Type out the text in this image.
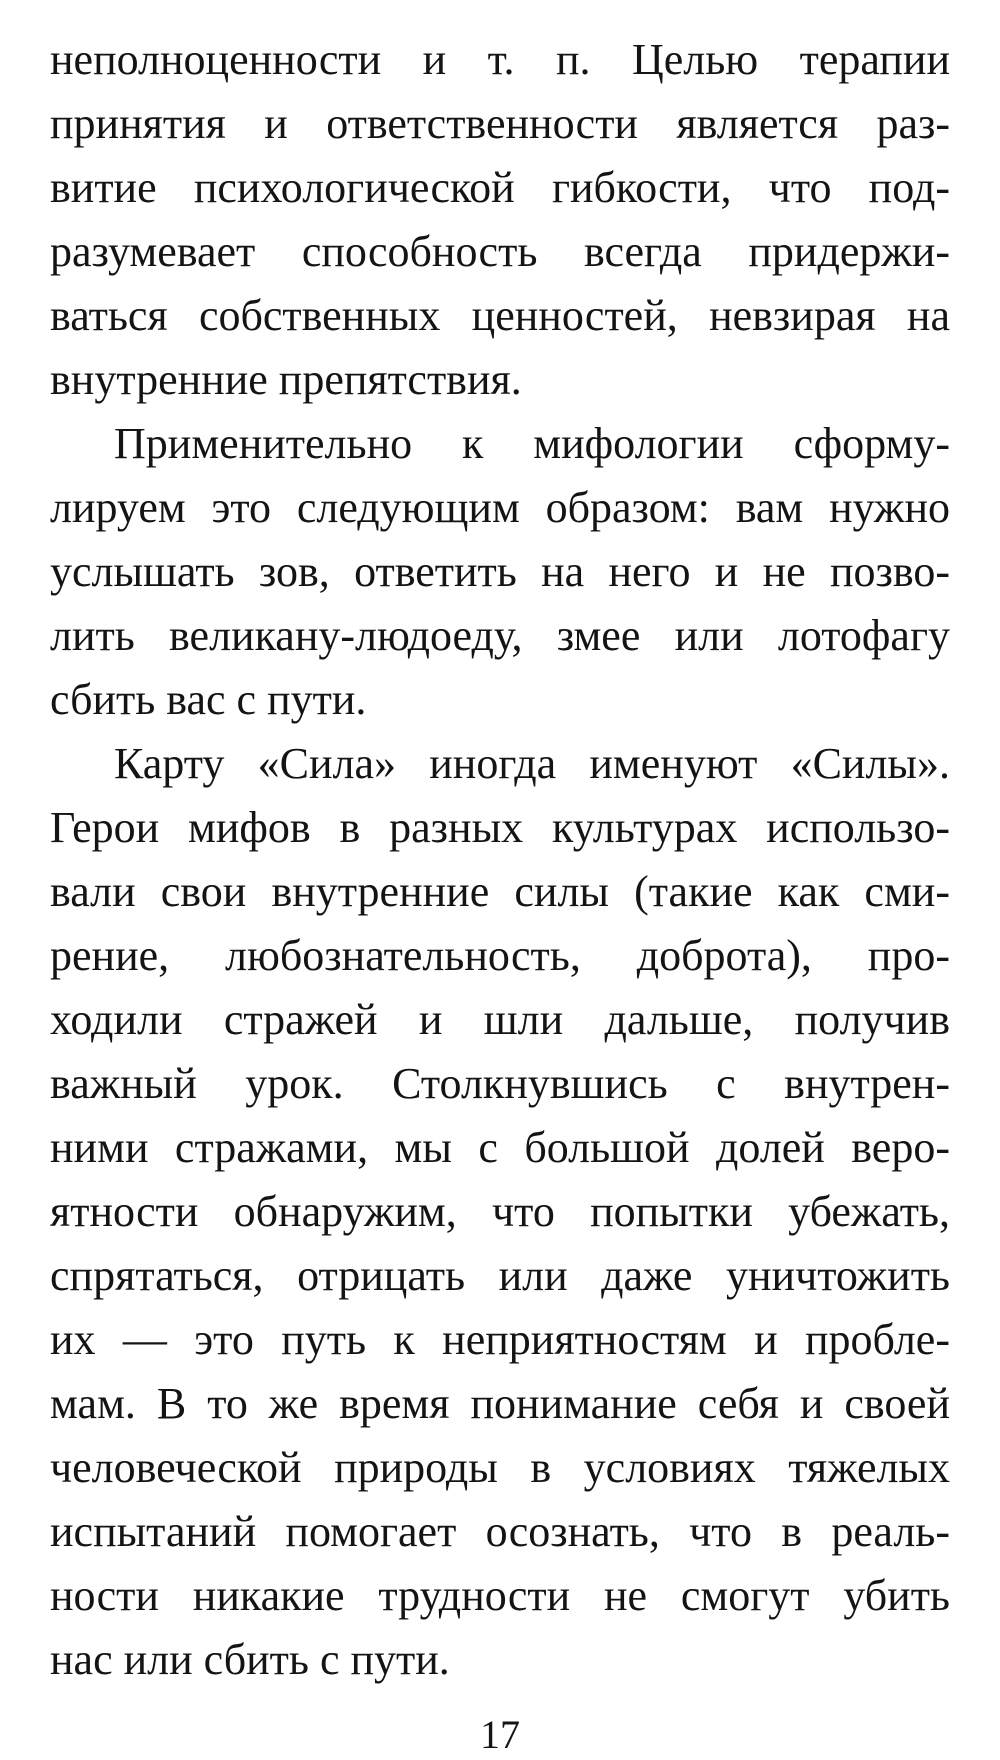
неполноценности и т. п. Целью терапии
принятия и ответственности является раз-
витие психологической гибкости, что под-
разумевает способность всегда придержи-
ваться собственных ценностей, невзирая на
внутренние препятствия.
Применительно к мифологии сформу-
лируем это следующим образом: вам нужно
услышать зов, ответить на него и не позво-
лить великану-людоеду, змее или лотофагу
сбить вас с пути.
Карту «Сила» иногда именуют «Силы».
Герои мифов в разных культурах использо-
вали свои внутренние силы (такие как сми-
рение, любознательность, доброта), про-
ходили стражей и шли дальше, получив
важный урок. Столкнувшись с внутрен-
ними стражами, мы с большой долей веро-
ятности обнаружим, что попытки убежать,
спрятаться, отрицать или даже уничтожить
их — это путь к неприятностям и пробле-
мам. В то же время понимание себя и своей
человеческой природы в условиях тяжелых
испытаний помогает осознать, что в реаль-
ности никакие трудности не смогут убить
нас или сбить с пути.
17
